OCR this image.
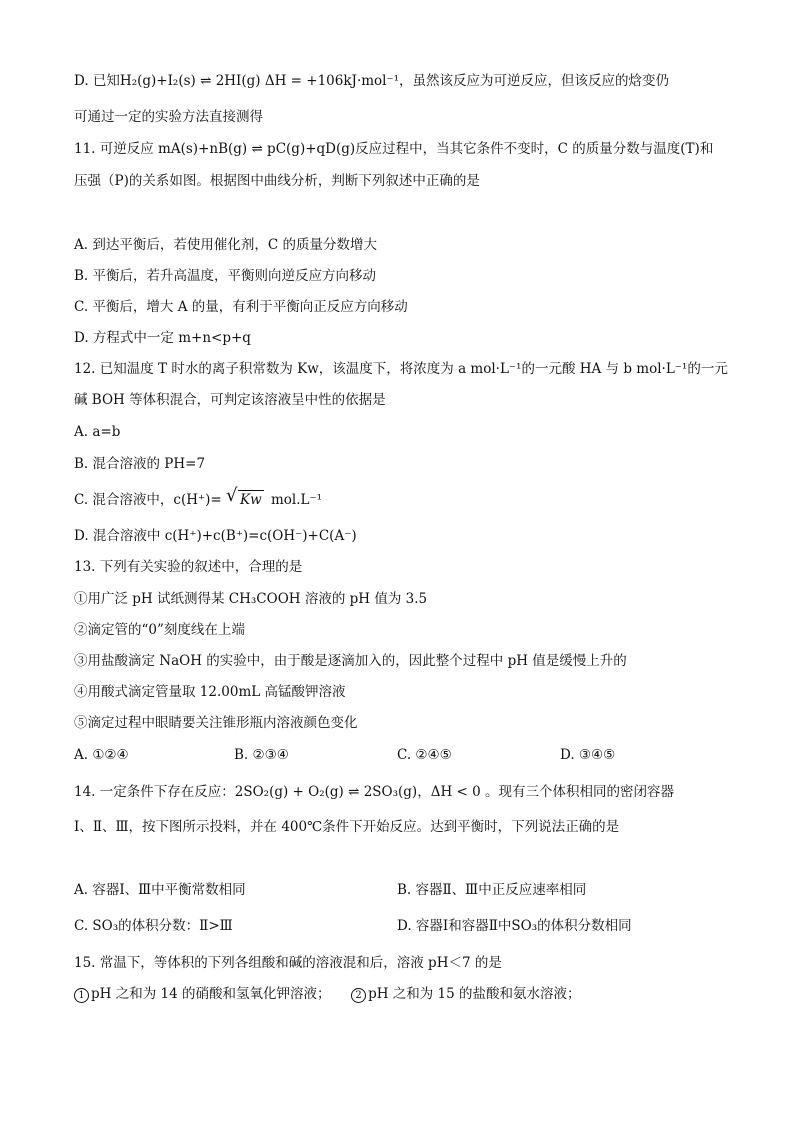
D. 已知H₂(g)+I₂(s) ⇌ 2HI(g) ΔH = +106kJ·mol⁻¹，虽然该反应为可逆反应，但该反应的焓变仍
可通过一定的实验方法直接测得
11. 可逆反应 mA(s)+nB(g) ⇌ pC(g)+qD(g)反应过程中，当其它条件不变时，C 的质量分数与温度(T)和
压强（P)的关系如图。根据图中曲线分析，判断下列叙述中正确的是
A. 到达平衡后，若使用催化剂，C 的质量分数增大
B. 平衡后，若升高温度，平衡则向逆反应方向移动
C. 平衡后，增大 A 的量，有利于平衡向正反应方向移动
D. 方程式中一定 m+n<p+q
12. 已知温度 T 时水的离子积常数为 Kw，该温度下，将浓度为 a mol·L⁻¹的一元酸 HA 与 b mol·L⁻¹的一元
碱 BOH 等体积混合，可判定该溶液呈中性的依据是
A. a=b
B. 混合溶液的 PH=7
C. 混合溶液中，c(H⁺)= √ Kw mol.L⁻¹
D. 混合溶液中 c(H⁺)+c(B⁺)=c(OH⁻)+C(A⁻)
13. 下列有关实验的叙述中，合理的是
①用广泛 pH 试纸测得某 CH₃COOH 溶液的 pH 值为 3.5
②滴定管的“0”刻度线在上端
③用盐酸滴定 NaOH 的实验中，由于酸是逐滴加入的，因此整个过程中 pH 值是缓慢上升的
④用酸式滴定管量取 12.00mL 高锰酸钾溶液
⑤滴定过程中眼睛要关注锥形瓶内溶液颜色变化
A. ①②④	B. ②③④	C. ②④⑤	D. ③④⑤
14. 一定条件下存在反应：2SO₂(g) + O₂(g) ⇌ 2SO₃(g)，ΔH < 0 。现有三个体积相同的密闭容器
Ⅰ、Ⅱ、Ⅲ，按下图所示投料，并在 400℃条件下开始反应。达到平衡时，下列说法正确的是
A. 容器Ⅰ、Ⅲ中平衡常数相同	B. 容器Ⅱ、Ⅲ中正反应速率相同
C. SO₃的体积分数：Ⅱ>Ⅲ	D. 容器Ⅰ和容器Ⅱ中SO₃的体积分数相同
15. 常温下，等体积的下列各组酸和碱的溶液混和后，溶液 pH＜7 的是
1 pH 之和为 14 的硝酸和氢氧化钾溶液； 2 pH 之和为 15 的盐酸和氨水溶液；
